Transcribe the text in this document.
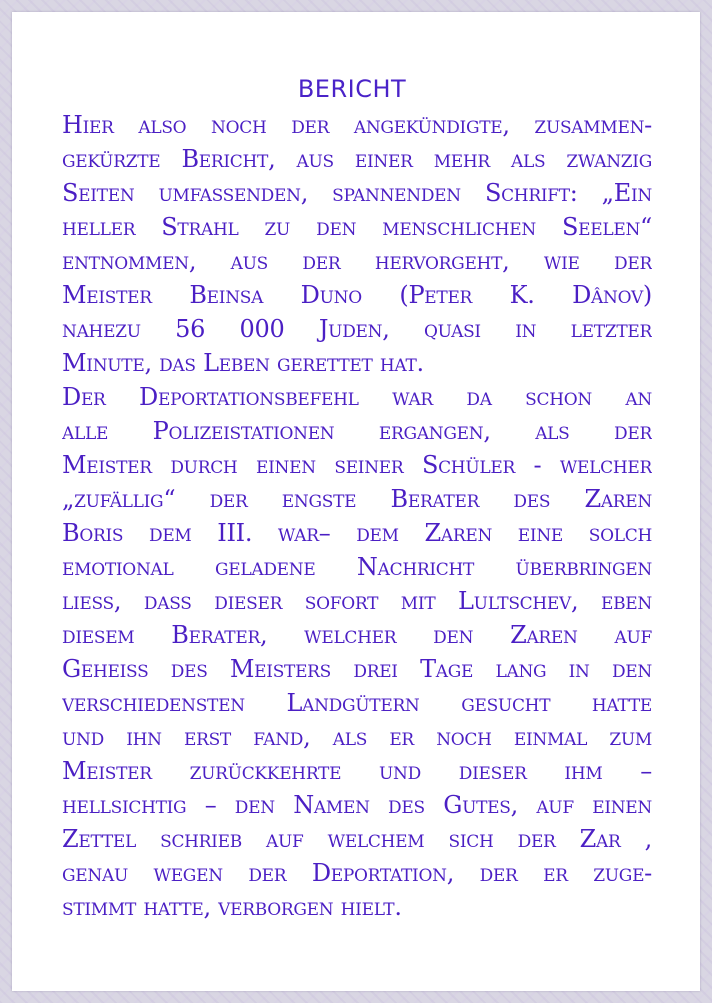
BERICHT
Hier also noch der angekündigte, zusammen-
gekürzte Bericht, aus einer mehr als zwanzig
Seiten umfassenden, spannenden Schrift: „Ein
heller Strahl zu den menschlichen Seelen“
entnommen, aus der hervorgeht, wie der
Meister Beinsa Duno (Peter K. Dânov)
nahezu 56 000 Juden, quasi in letzter
Minute, das Leben gerettet hat.
Der Deportationsbefehl war da schon an
alle Polizeistationen ergangen, als der
Meister durch einen seiner Schüler - welcher
„zufällig“ der engste Berater des Zaren
Boris dem III. war– dem Zaren eine solch
emotional geladene Nachricht überbringen
liess, dass dieser sofort mit Lultschev, eben
diesem Berater, welcher den Zaren auf
Geheiss des Meisters drei Tage lang in den
verschiedensten Landgütern gesucht hatte
und ihn erst fand, als er noch einmal zum
Meister zurückkehrte und dieser ihm –
hellsichtig – den Namen des Gutes, auf einen
Zettel schrieb auf welchem sich der Zar ,
genau wegen der Deportation, der er zuge-
stimmt hatte, verborgen hielt.
